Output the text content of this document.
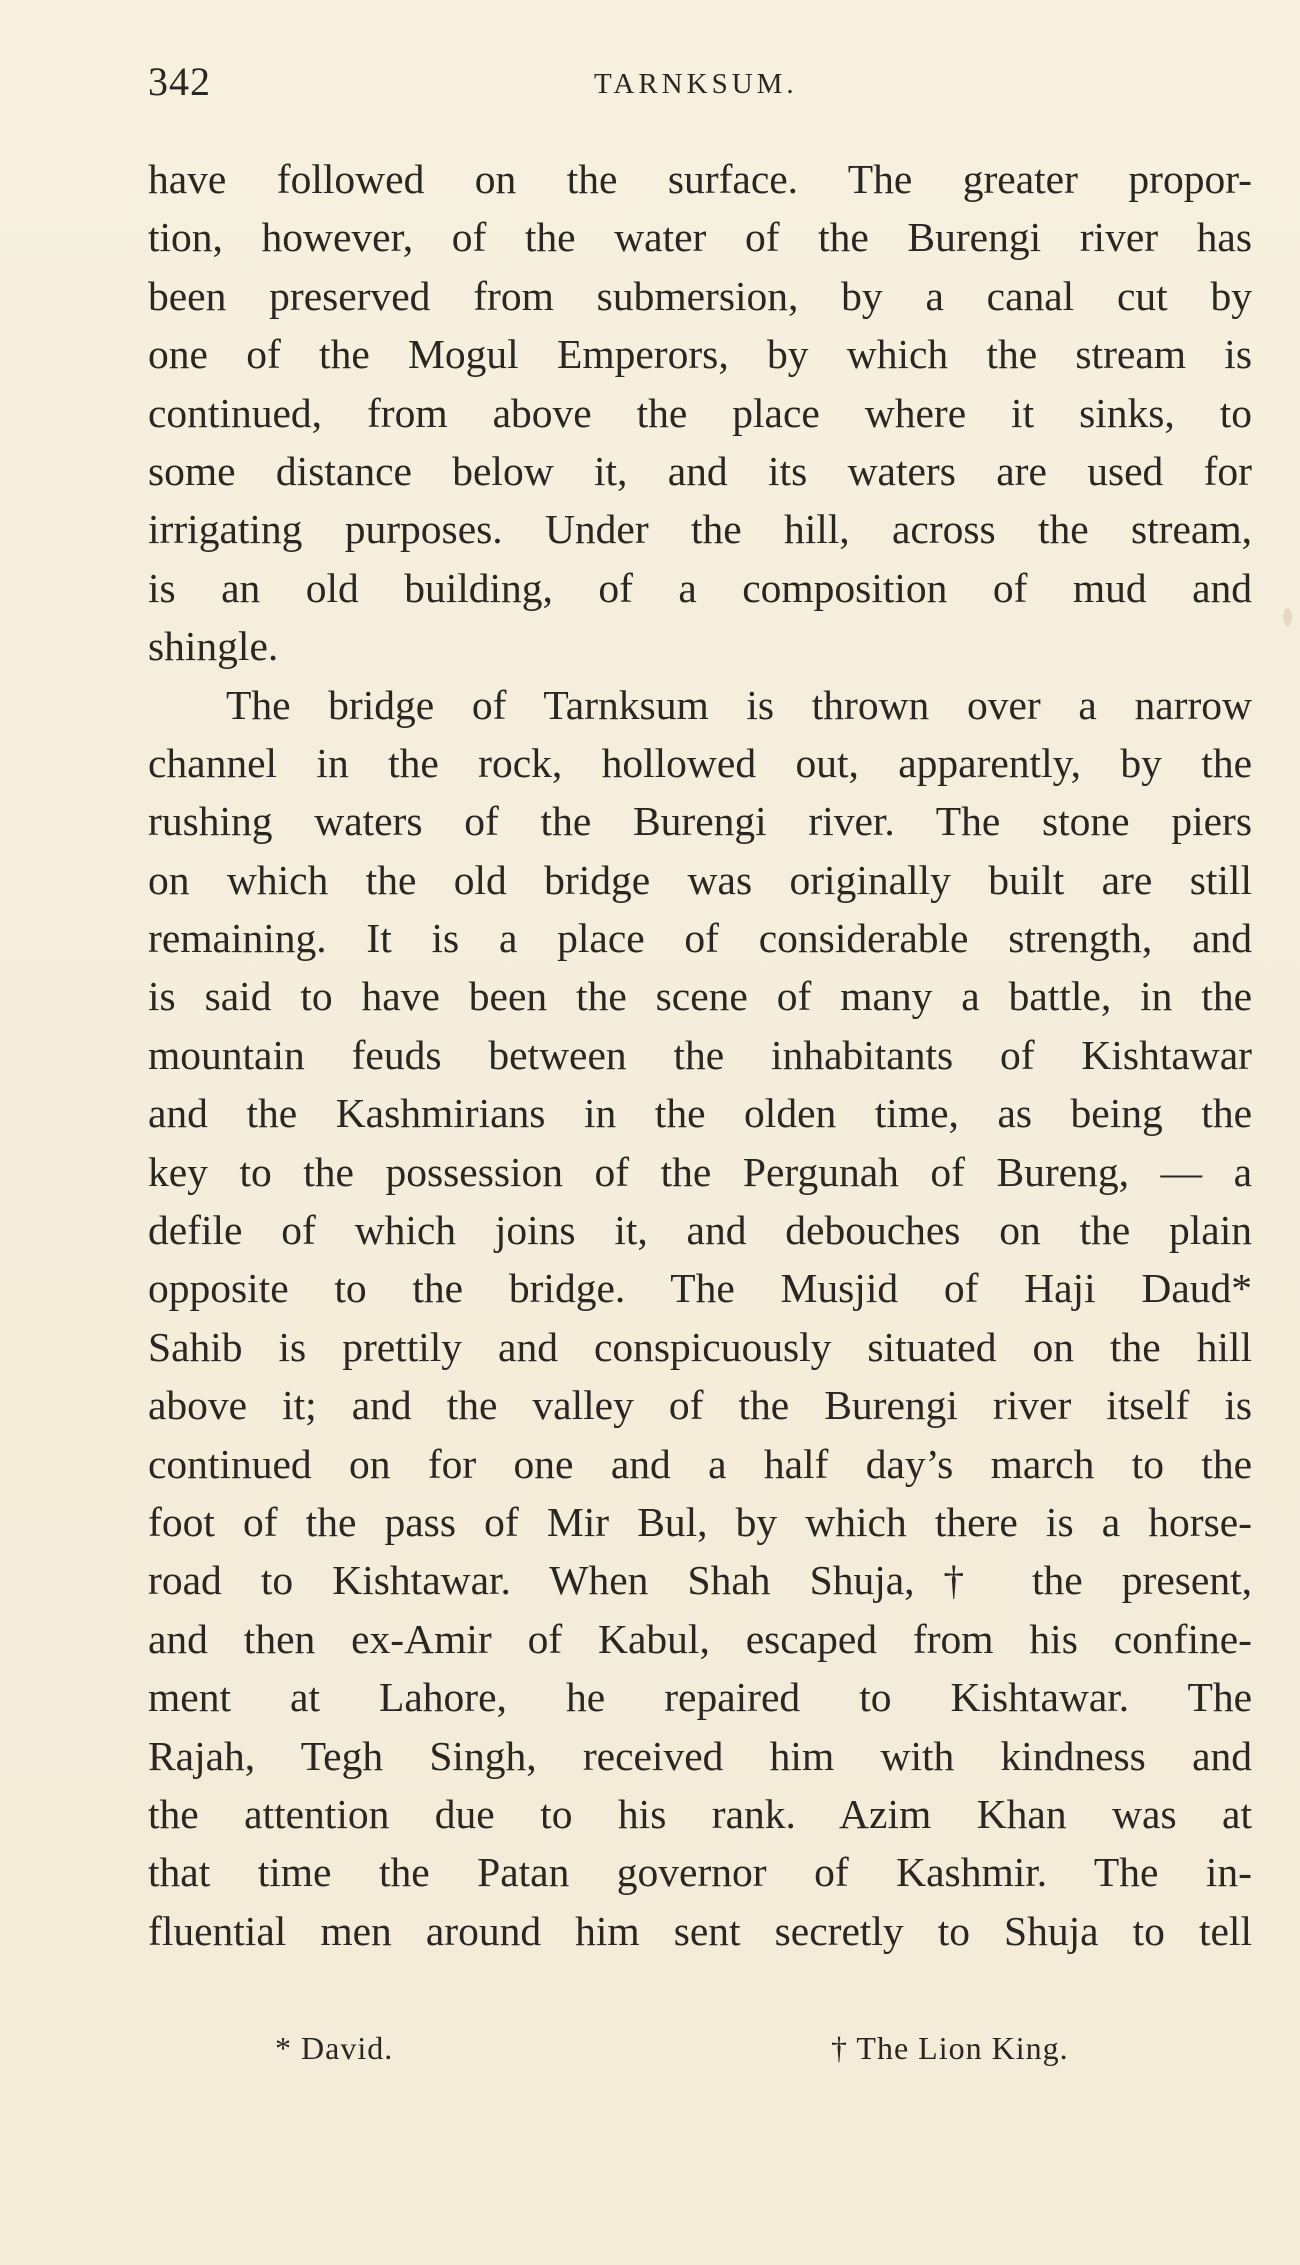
342	TARNKSUM.
have followed on the surface. The greater propor-
tion, however, of the water of the Burengi river has
been preserved from submersion, by a canal cut by
one of the Mogul Emperors, by which the stream is
continued, from above the place where it sinks, to
some distance below it, and its waters are used for
irrigating purposes. Under the hill, across the stream,
is an old building, of a composition of mud and
shingle.
The bridge of Tarnksum is thrown over a narrow
channel in the rock, hollowed out, apparently, by the
rushing waters of the Burengi river. The stone piers
on which the old bridge was originally built are still
remaining. It is a place of considerable strength, and
is said to have been the scene of many a battle, in the
mountain feuds between the inhabitants of Kishtawar
and the Kashmirians in the olden time, as being the
key to the possession of the Pergunah of Bureng, — a
defile of which joins it, and debouches on the plain
opposite to the bridge. The Musjid of Haji Daud*
Sahib is prettily and conspicuously situated on the hill
above it; and the valley of the Burengi river itself is
continued on for one and a half day’s march to the
foot of the pass of Mir Bul, by which there is a horse-
road to Kishtawar. When Shah Shuja,† the present,
and then ex-Amir of Kabul, escaped from his confine-
ment at Lahore, he repaired to Kishtawar. The
Rajah, Tegh Singh, received him with kindness and
the attention due to his rank. Azim Khan was at
that time the Patan governor of Kashmir. The in-
fluential men around him sent secretly to Shuja to tell
* David.	† The Lion King.
